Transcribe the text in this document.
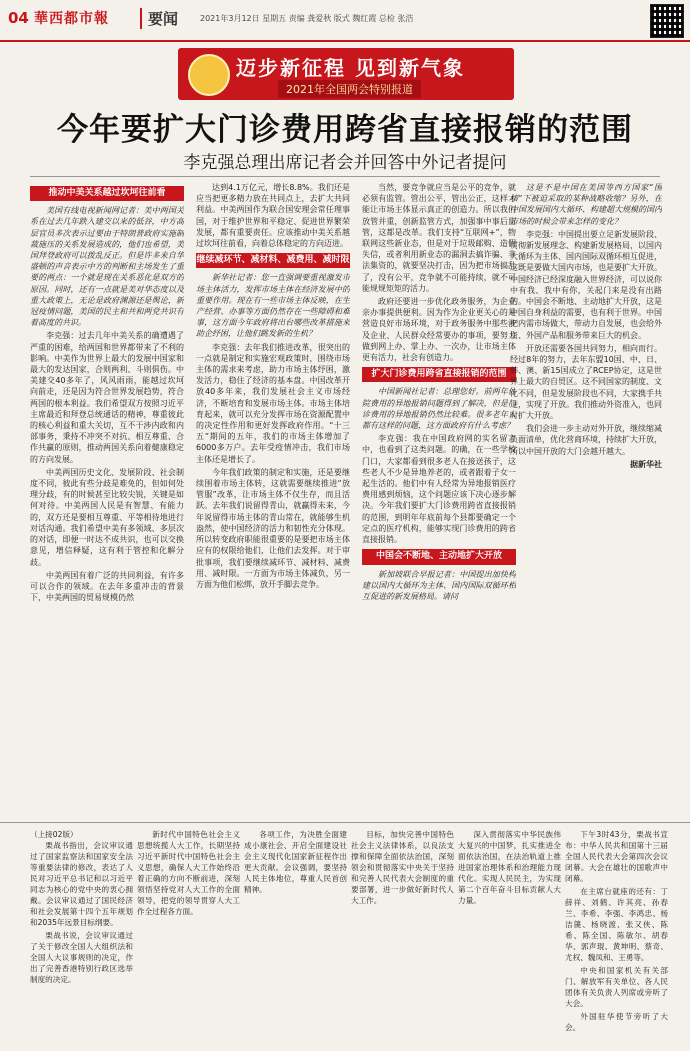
04 華西都市報	要闻	2021年3月12日 星期五 责编 龚爱秋 版式 魏红霞 总检 张浩
迈步新征程 见到新气象
2021年全国两会特别报道
今年要扩大门诊费用跨省直接报销的范围
李克强总理出席记者会并回答中外记者提问
推动中美关系越过坎坷往前看

美国有线电视新闻网记者：美中两国关系在过去几年跌入建交以来的低谷，中方高层官员多次表示过要由于特朗普政府实施制裁施压的关系发展造成的，他们也希望，美国拜登政府可以拨乱反正。但是许多来自华盛顿的声音表示中方的判断和主场发生了重要的两点：一个就是现在关系恶化是双方的原因。同时，还有一点就是美对华态度以及重大政策上，无论是政府渊源还是舆论，新冠疫情问题，美国的民主和共和两党共识有着高度的共识。

李克强：过去几年中美关系的确遭遇了严重的困难，给两国和世界都带来了不利的影响。中美作为世界上最大的发展中国家和最大的发达国家，合则两利、斗则俱伤。中美建交40多年了，风风雨雨，能越过坎坷向前走，还是因为符合世界发展趋势，符合两国的根本利益。我们希望双方按照习近平主席最近和拜登总统通话的精神，尊重彼此的核心利益和重大关切，互不干涉内政和内部事务，秉持不冲突不对抗、相互尊重、合作共赢的原则，推动两国关系向着健康稳定的方向发展。

中美两国历史文化、发展阶段、社会制度不同，彼此有些分歧是难免的，但如何处理分歧，有的时候甚至比较尖锐，关键是如何对待。中美两国人民是有智慧、有能力的，双方还是要相互尊重、平等相待地进行对话沟通。我们希望中美有多领域、多层次的对话，即便一时达不成共识，也可以交换意见，增信释疑，这有利于管控和化解分歧。

中美两国有着广泛的共同利益，有许多可以合作的领域。在去年多重冲击的背景下，中美两国的贸易规模仍然

达到4.1万亿元，增长8.8%。我们还是应当把更多精力放在共同点上，去扩大共同利益。中美两国作为联合国安理会常任理事国，对于维护世界和平稳定、促进世界繁荣发展，都有重要责任。应该推动中美关系越过坎坷往前看，向着总体稳定的方向迈进。

继续减环节、减材料、减费用、减时限

新华社记者：您一直强调要重视激发市场主体活力，发挥市场主体在经济发展中的重要作用。现在有一些市场主体反映，在生产经营、办事等方面仍然存在一些障碍和难事，这方面今年政府将出台哪些改革措施来助企纾困，让他们跳发新的生机？

李克强：去年我们推进改革，很突出的一点就是制定和实施宏观政策时，围绕市场主体的需求来考虑，助力市场主体纾困，激发活力，稳住了经济的基本盘。中国改革开放40多年来，我们发展社会主义市场经济，不断培育和发展市场主体。市场主体培育起来，就可以充分发挥市场在资源配置中的决定性作用和更好发挥政府作用。“十三五”期间的五年，我们的市场主体增加了6000多万户。去年受疫情冲击，我们市场主体还是增长了。

今年我们政策的制定和实施，还是要继续围着市场主体转，这就需要继续推进“放管服”改革，让市场主体不仅生存，而且活跃。去年我们说留得青山，就赢得未来，今年说留得市场主体的青山常在，就能够生机盎然，使中国经济的活力和韧性充分体现。所以转变政府职能很重要的是要把市场主体应有的权限给他们，让他们去发挥。对于审批事项，我们要继续减环节、减材料、减费用、减时限。一方面为市场主体减负，另一方面为他们松绑，放开手脚去竞争。

当然，要竞争就应当是公平的竞争，就必须有监管。管出公平，管出公正，这样才能让市场主体显示真正的创造力。所以我们放管并重，创新监管方式，加强事中事后监管，这都是改革。我们支持“互联网+”，物联网这些新业态，但是对于垃圾邮购、造假失信，或者利用新业态的漏洞去搞诈骗、非法集资的，就要坚决打击，因为把市场搞乱了，没有公平，竞争就不可能持续，就不可能规规矩矩的活力。

政府还要进一步优化政务服务，为企业亲办事提供便利。因为作为企业更关心的是营造良好市场环境，对于政务服务中那些涉及企业、人民群众经常要办的事项，要努力做到网上办、掌上办、一次办，让市场主体更有活力，社会有创造力。

扩大门诊费用跨省直接报销的范围

中国新闻社记者：总理您好。前两年住院费用的异地报销问题得到了解决，但是门诊费用的异地报销仍然比较难。很多老年人都有这样的问题，这方面政府有什么考虑？

李克强：我在中国政府网的实名留言中，也看到了这类问题。的确，在一些学校门口，大家都看到很多老人在接送孩子，这些老人不少是异地养老的，或者跟着子女一起生活的。他们中有人经常为异地报销医疗费用感到烦恼，这个问题应该下决心逐步解决。今年我们要扩大门诊费用跨省直接报销的范围，到明年年底前每个县都要确定一个定点的医疗机构，能够实现门诊费用的跨省直接报销。

中国会不断地、主动地扩大开放

新加坡联合早报记者：中国提出加快构建以国内大循环为主体、国内国际双循环相互促进的新发展格局。请问

这是不是中国在美国等西方国家“围堵”下被迫采取的某种战略收缩？另外，在中国发展国内大循环、构建超大规模的国内市场的时候会带来怎样的变化？

李克强：中国提出要立足新发展阶段、贯彻新发展理念、构建新发展格局，以国内大循环为主体、国内国际双循环相互促进，这既是要做大国内市场，也是要扩大开放。中国经济已经深度融入世界经济，可以说你中有我、我中有你，关起门来是没有出路的。中国会不断地、主动地扩大开放，这是中国自身利益的需要，也有利于世界。中国把内需市场做大，带动力自发展，也会给外资、外国产品和服务带来巨大的机会。

开放还需要各国共同努力，相向而行。经过8年的努力，去年东盟10国、中、日、韩、澳、新15国成立了RCEP协定，这是世界上最大的自贸区。这不同国家的制度、文化不同，但是发展阶段也不同，大家携手共进，实现了开放。我们推动外资准入，也同时扩大开放。

我们会进一步主动对外开放，继续缩减负面清单，优化营商环境，持续扩大开放，所以中国开放的大门会越开越大。

据新华社
（上接02版）

栗战书指出，会议审议通过了国家监察法和国家安全法等重要法律的修改，表达了人民对习近平总书记和以习近平同志为核心的党中央的衷心拥戴。会议审议通过了国民经济和社会发展第十四个五年规划和2035年远景目标纲要。

栗战书说，会议审议通过了关于修改全国人大组织法和全国人大议事规则的决定，作出了完善香港特别行政区选举制度的决定。

新时代中国特色社会主义思想统揽人大工作，长期坚持习近平新时代中国特色社会主义思想，确保人大工作始终沿着正确的方向不断前进，深刻领悟坚持党对人大工作的全面领导，把党的领导贯穿人大工作全过程各方面。

各项工作，为决胜全面建成小康社会、开启全面建设社会主义现代化国家新征程作出更大贡献。会议强调，要坚持人民主体地位，尊重人民首创精神。

目标，加快完善中国特色社会主义法律体系，以良法支撑和保障全面依法治国，深刻领会和贯彻落实中央关于坚持和完善人民代表大会制度的重要部署，进一步做好新时代人大工作。

深入贯彻落实中华民族伟大复兴的中国梦，扎实推进全面依法治国，在法治轨道上推进国家治理体系和治理能力现代化。实现人民民主，为实现第二个百年奋斗目标贡献人大力量。

下午3时43分，栗战书宣布：中华人民共和国第十三届全国人民代表大会第四次会议闭幕。大会在雄壮的国歌声中闭幕。

在主席台就座的还有：丁薛祥、刘鹤、许其亮、孙春兰、李希、李强、李鸿忠、杨洁篪、杨晓渡、张又侠、陈希、陈全国、陈敏尔、胡春华、郭声琨、黄坤明、蔡奇、尤权、魏凤和、王勇等。

中央和国家机关有关部门、解放军有关单位、各人民团体有关负责人列席或旁听了大会。

外国驻华使节旁听了大会。
